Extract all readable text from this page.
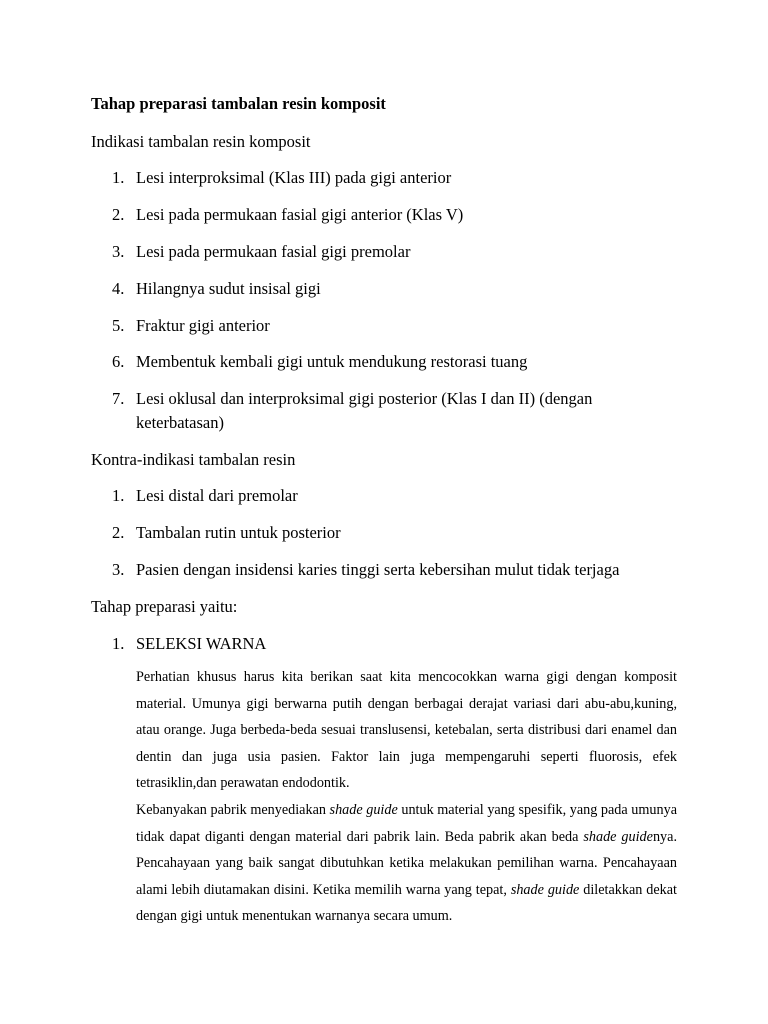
Tahap preparasi tambalan resin komposit
Indikasi tambalan resin komposit
1. Lesi interproksimal (Klas III) pada gigi anterior
2. Lesi pada permukaan fasial gigi anterior (Klas V)
3. Lesi pada permukaan fasial gigi premolar
4. Hilangnya sudut insisal gigi
5. Fraktur gigi anterior
6. Membentuk kembali gigi untuk mendukung restorasi tuang
7. Lesi oklusal dan interproksimal gigi posterior (Klas I dan II) (dengan keterbatasan)
Kontra-indikasi tambalan resin
1. Lesi distal dari premolar
2. Tambalan rutin untuk posterior
3. Pasien dengan insidensi karies tinggi serta kebersihan mulut tidak terjaga
Tahap preparasi yaitu:
1. SELEKSI WARNA
Perhatian khusus harus kita berikan saat kita mencocokkan warna gigi dengan komposit material. Umunya gigi berwarna putih dengan berbagai derajat variasi dari abu-abu,kuning, atau orange. Juga berbeda-beda sesuai translusensi, ketebalan, serta distribusi dari enamel dan dentin dan juga usia pasien. Faktor lain juga mempengaruhi seperti fluorosis, efek tetrasiklin,dan perawatan endodontik.
Kebanyakan pabrik menyediakan shade guide untuk material yang spesifik, yang pada umunya tidak dapat diganti dengan material dari pabrik lain. Beda pabrik akan beda shade guidenya. Pencahayaan yang baik sangat dibutuhkan ketika melakukan pemilihan warna. Pencahayaan alami lebih diutamakan disini. Ketika memilih warna yang tepat, shade guide diletakkan dekat dengan gigi untuk menentukan warnanya secara umum.
